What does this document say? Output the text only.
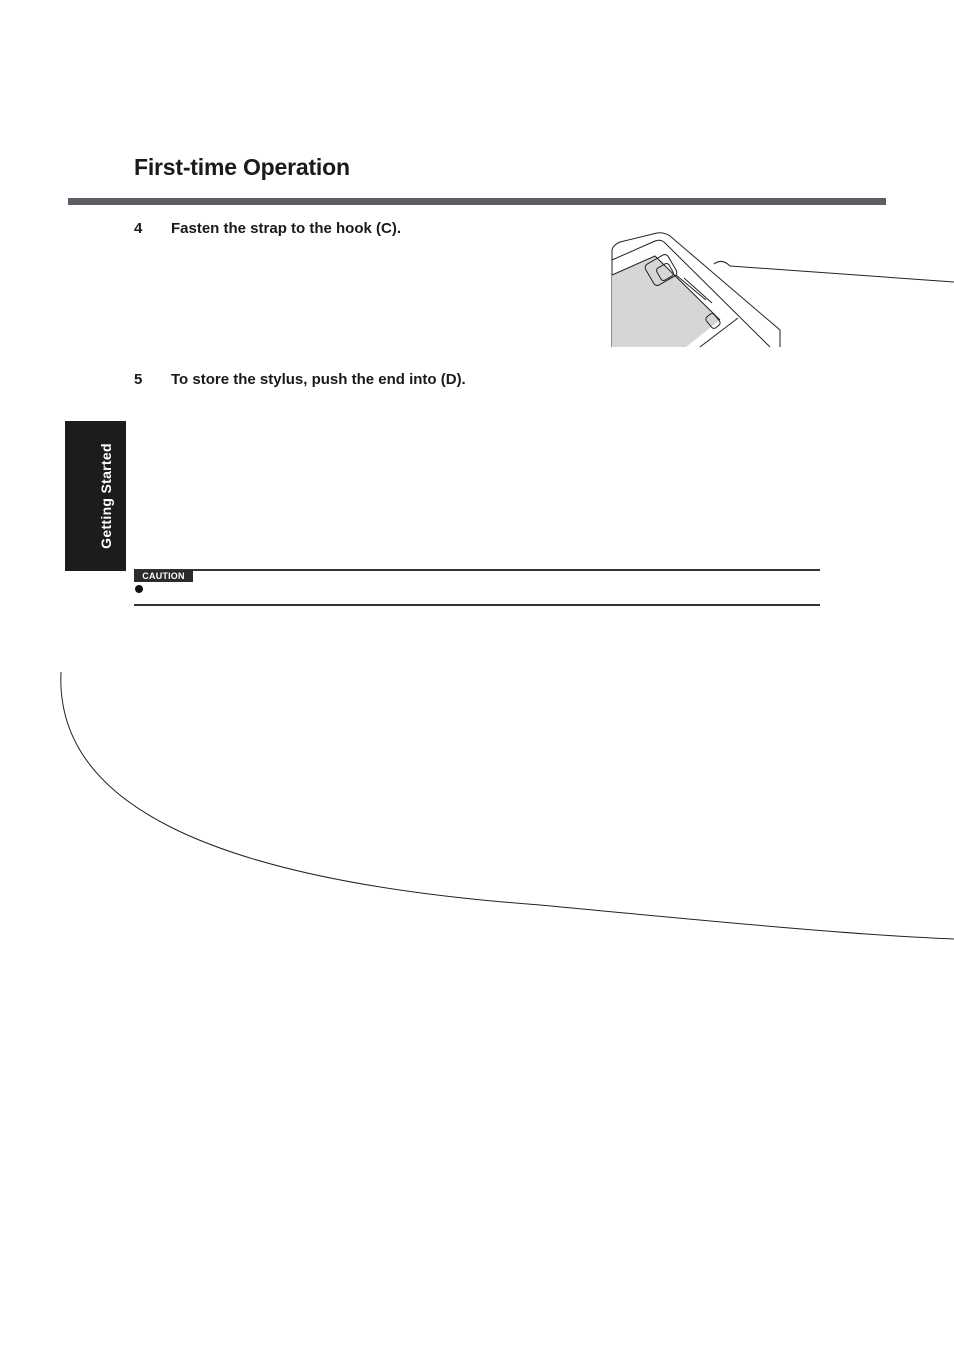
First-time Operation
4 Fasten the strap to the hook (C).
5 To store the stylus, push the end into (D).
Getting Started
CAUTION
